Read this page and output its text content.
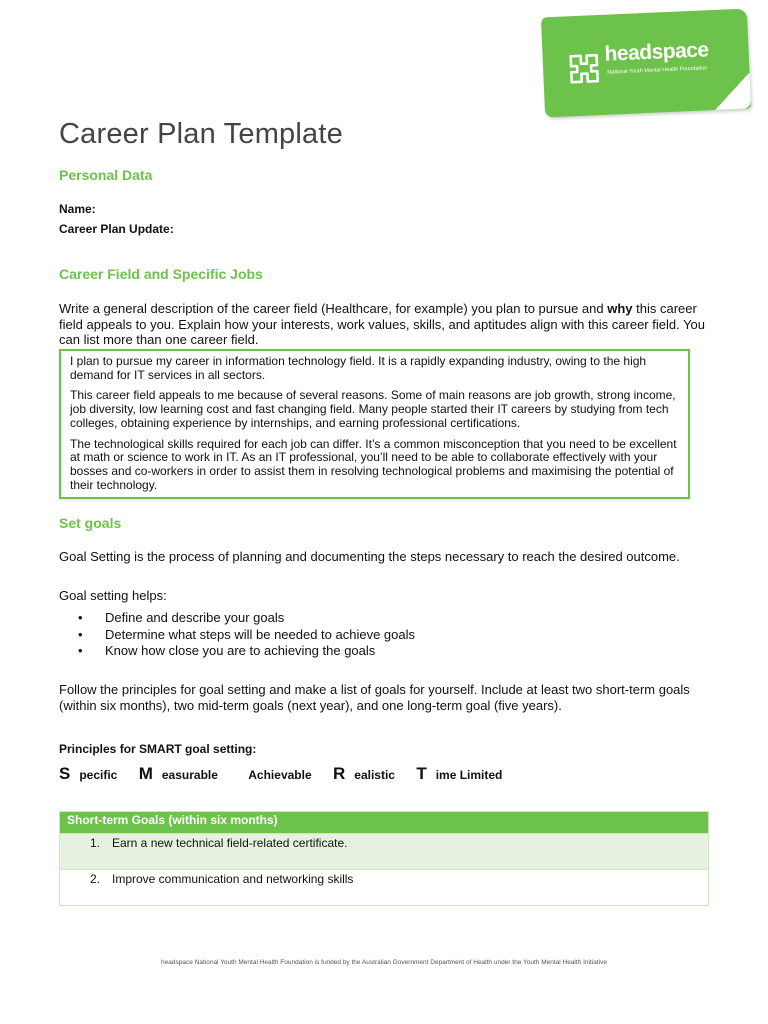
headspace
National Youth Mental Health Foundation
Career Plan Template
Personal Data
Name:
Career Plan Update:
Career Field and Specific Jobs

Write a general description of the career field (Healthcare, for example) you plan to pursue and why this career field appeals to you. Explain how your interests, work values, skills, and aptitudes align with this career field. You can list more than one career field.

I plan to pursue my career in information technology field. It is a rapidly expanding industry, owing to the high demand for IT services in all sectors.

This career field appeals to me because of several reasons. Some of main reasons are job growth, strong income, job diversity, low learning cost and fast changing field. Many people started their IT careers by studying from tech colleges, obtaining experience by internships, and earning professional certifications.

The technological skills required for each job can differ. It’s a common misconception that you need to be excellent at math or science to work in IT. As an IT professional, you’ll need to be able to collaborate effectively with your bosses and co-workers in order to assist them in resolving technological problems and maximising the potential of their technology.

Set goals

Goal Setting is the process of planning and documenting the steps necessary to reach the desired outcome.

Goal setting helps:

• Define and describe your goals
• Determine what steps will be needed to achieve goals
• Know how close you are to achieving the goals

Follow the principles for goal setting and make a list of goals for yourself. Include at least two short-term goals (within six months), two mid-term goals (next year), and one long-term goal (five years).

Principles for SMART goal setting:
S pecific M easurable	Achievable R ealistic T ime Limited
Short-term Goals (within six months)
1. Earn a new technical field-related certificate.
2. Improve communication and networking skills
headspace National Youth Mental Health Foundation is funded by the Australian Government Department of Health under the Youth Mental Health Initiative
